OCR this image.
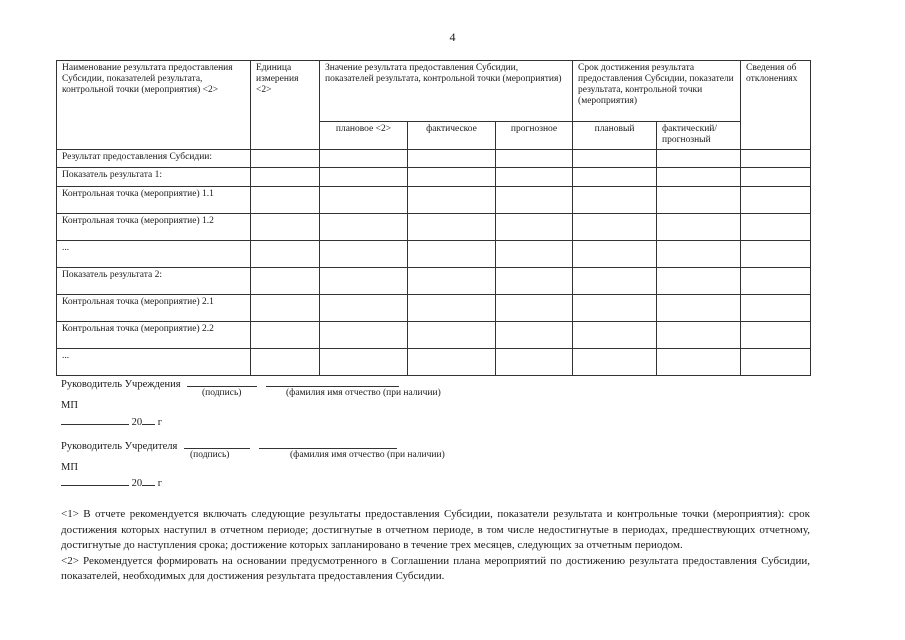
4
Наименование результата предоставления Субсидии, показателей результата, контрольной точки (мероприятия) <2>	Единица измерения <2>	Значение результата предоставления Субсидии, показателей результата, контрольной точки (мероприятия)			Срок достижения результата предоставления Субсидии, показатели результата, контрольной точки (мероприятия)		Сведения об отклонениях
		плановое <2>	фактическое	прогнозное	плановый	фактический/ прогнозный	
Результат предоставления Субсидии:							
Показатель результата 1:							
Контрольная точка (мероприятие) 1.1							
Контрольная точка (мероприятие) 1.2							
...							
Показатель результата 2:							
Контрольная точка (мероприятие) 2.1							
Контрольная точка (мероприятие) 2.2							
...							
Руководитель Учреждения
(подпись)	(фамилия имя отчество (при наличии)
МП
20 г
Руководитель Учредителя
(подпись)	(фамилия имя отчество (при наличии)
МП
20 г

<1> В отчете рекомендуется включать следующие результаты предоставления Субсидии, показатели результата и контрольные точки (мероприятия): срок достижения которых наступил в отчетном периоде; достигнутые в отчетном периоде, в том числе недостигнутые в периодах, предшествующих отчетному, достигнутые до наступления срока; достижение которых запланировано в течение трех месяцев, следующих за отчетным периодом.

<2> Рекомендуется формировать на основании предусмотренного в Соглашении плана мероприятий по достижению результата предоставления Субсидии, показателей, необходимых для достижения результата предоставления Субсидии.
